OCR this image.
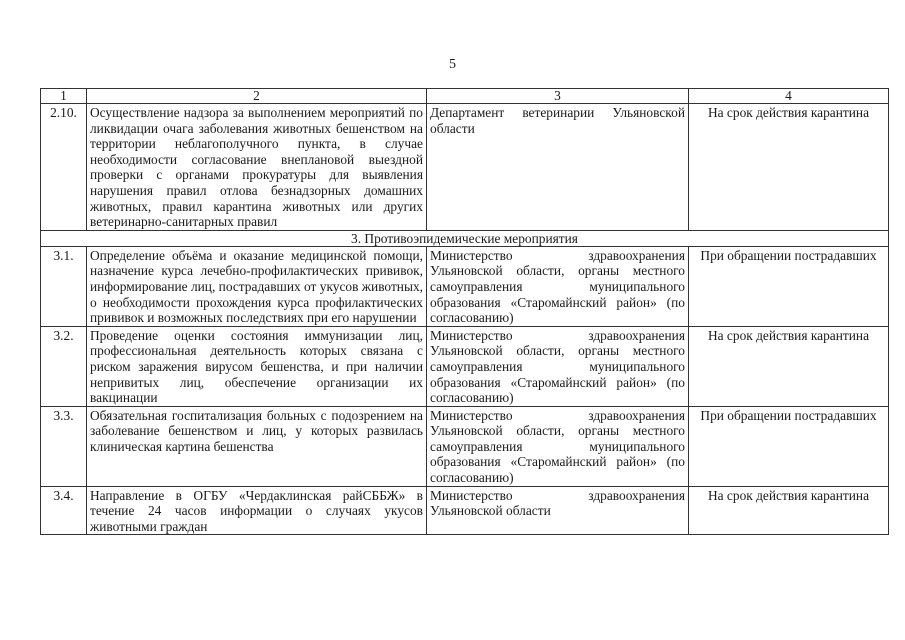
5
1	2	3	4
2.10.	Осуществление надзора за выполнением мероприятий по ликвидации очага заболевания животных бешенством на территории неблагополучного пункта, в случае необходимости согласование внеплановой выездной проверки с органами прокуратуры для выявления нарушения правил отлова безнадзорных домашних животных, правил карантина животных или других ветеринарно-санитарных правил	Департамент ветеринарии Ульяновской области	На срок действия карантина
3. Противоэпидемические мероприятия			
3.1.	Определение объёма и оказание медицинской помощи, назначение курса лечебно-профилактических прививок, информирование лиц, пострадавших от укусов животных, о необходимости прохождения курса профилактических прививок и возможных последствиях при его нарушении	Министерство здравоохранения Ульяновской области, органы местного самоуправления муниципального образования «Старомайнский район» (по согласованию)	При обращении пострадавших
3.2.	Проведение оценки состояния иммунизации лиц, профессиональная деятельность которых связана с риском заражения вирусом бешенства, и при наличии непривитых лиц, обеспечение организации их вакцинации	Министерство здравоохранения Ульяновской области, органы местного самоуправления муниципального образования «Старомайнский район» (по согласованию)	На срок действия карантина
3.3.	Обязательная госпитализация больных с подозрением на заболевание бешенством и лиц, у которых развилась клиническая картина бешенства	Министерство здравоохранения Ульяновской области, органы местного самоуправления муниципального образования «Старомайнский район» (по согласованию)	При обращении пострадавших
3.4.	Направление в ОГБУ «Чердаклинская райСББЖ» в течение 24 часов информации о случаях укусов животными граждан	Министерство здравоохранения Ульяновской области	На срок действия карантина
